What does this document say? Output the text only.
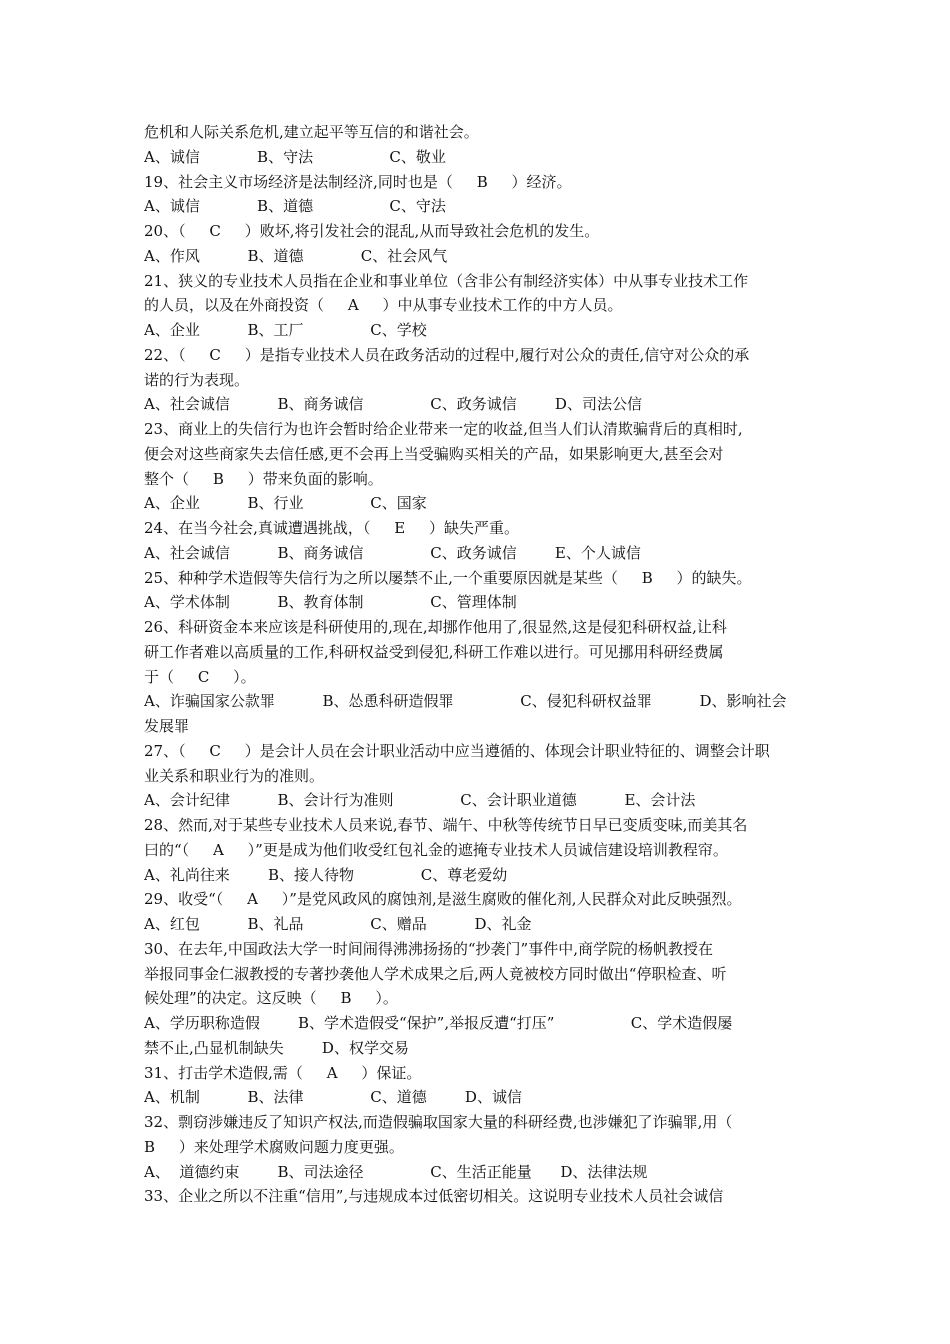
危机和人际关系危机,建立起平等互信的和谐社会。
A、诚信            B、守法                C、敬业
19、社会主义市场经济是法制经济,同时也是（     B     ）经济。
A、诚信            B、道德                C、守法
20、（     C     ）败坏,将引发社会的混乱,从而导致社会危机的发生。
A、作风          B、道德            C、社会风气
21、狭义的专业技术人员指在企业和事业单位（含非公有制经济实体）中从事专业技术工作
的人员，以及在外商投资（     A     ）中从事专业技术工作的中方人员。
A、企业          B、工厂              C、学校
22、（     C     ）是指专业技术人员在政务活动的过程中,履行对公众的责任,信守对公众的承
诺的行为表现。
A、社会诚信          B、商务诚信              C、政务诚信        D、司法公信
23、商业上的失信行为也许会暂时给企业带来一定的收益,但当人们认清欺骗背后的真相时,
便会对这些商家失去信任感,更不会再上当受骗购买相关的产品，如果影响更大,甚至会对
整个（     B     ）带来负面的影响。
A、企业          B、行业              C、国家
24、在当今社会,真诚遭遇挑战，（     E     ）缺失严重。
A、社会诚信          B、商务诚信              C、政务诚信        E、个人诚信
25、种种学术造假等失信行为之所以屡禁不止,一个重要原因就是某些（     B     ）的缺失。
A、学术体制          B、教育体制              C、管理体制
26、科研资金本来应该是科研使用的,现在,却挪作他用了,很显然,这是侵犯科研权益,让科
研工作者难以高质量的工作,科研权益受到侵犯,科研工作难以进行。可见挪用科研经费属
于（     C     ）。
A、诈骗国家公款罪          B、怂恿科研造假罪              C、侵犯科研权益罪          D、影响社会
发展罪
27、（     C     ）是会计人员在会计职业活动中应当遵循的、体现会计职业特征的、调整会计职
业关系和职业行为的准则。
A、会计纪律          B、会计行为准则              C、会计职业道德          E、会计法
28、然而,对于某些专业技术人员来说,春节、端午、中秋等传统节日早已变质变味,而美其名
曰的“（     A     ）”更是成为他们收受红包礼金的遮掩专业技术人员诚信建设培训教程帘。
A、礼尚往来        B、接人待物              C、尊老爱幼
29、收受“（     A     ）”是党风政风的腐蚀剂,是滋生腐败的催化剂,人民群众对此反映强烈。
A、红包          B、礼品              C、赠品          D、礼金
30、在去年,中国政法大学一时间闹得沸沸扬扬的“抄袭门”事件中,商学院的杨帆教授在
举报同事金仁淑教授的专著抄袭他人学术成果之后,两人竟被校方同时做出“停职检查、听
候处理”的决定。这反映（     B     ）。
A、学历职称造假        B、学术造假受“保护”,举报反遭“打压”                C、学术造假屡
禁不止,凸显机制缺失        D、权学交易
31、打击学术造假,需（     A     ）保证。
A、机制          B、法律              C、道德        D、诚信
32、剽窃涉嫌违反了知识产权法,而造假骗取国家大量的科研经费,也涉嫌犯了诈骗罪,用（
B     ）来处理学术腐败问题力度更强。
A、  道德约束        B、司法途径              C、生活正能量      D、法律法规
33、企业之所以不注重“信用”,与违规成本过低密切相关。这说明专业技术人员社会诚信
